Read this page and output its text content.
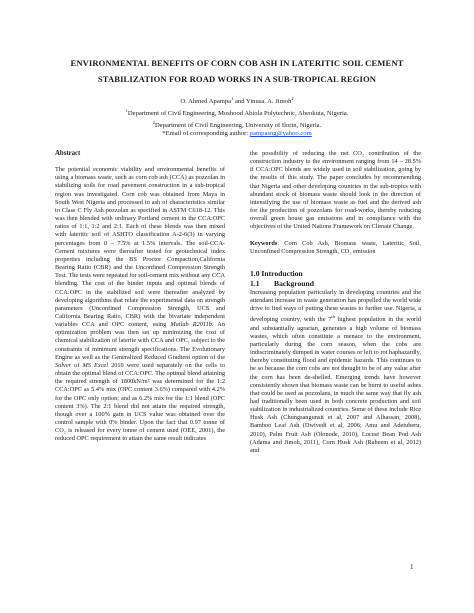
ENVIRONMENTAL BENEFITS OF CORN COB ASH IN LATERITIC SOIL CEMENT
STABILIZATION FOR ROAD WORKS IN A SUB-TROPICAL REGION
O. Ahmed Apampa$^1$ and Yinusa. A. Jimoh$^2$
$^1$Department of Civil Engineering, Moshood Abiola Polytechnic, Abeokuta, Nigeria.
$^2$Department of Civil Engineering, University of Ilorin, Nigeria.
*Email of corresponding author: pampasng@yahoo.com
Abstract

The potential economic viability and environmental benefits of using a biomass waste, such as corn cob ash (CCA) as pozzolan in stabilizing soils for road pavement construction in a sub-tropical region was investigated. Corn cob was obtained from Maya in South West Nigeria and processed to ash of characteristics similar to Class C Fly Ash pozzolan as specified in ASTM C618-12. This was then blended with ordinary Portland cement in the CCA:OPC ratios of 1:1, 1:2 and 2:1. Each of these blends was then mixed with lateritic soil of ASHTO classification A-2-6(3) in varying percentages from 0 – 7.5% at 1.5% intervals. The soil-CCA-Cement mixtures were thereafter tested for geotechnical index properties including the BS Proctor Compaction,California Bearing Ratio (CBR) and the Unconfined Compression Strength Test. The tests were repeated for soil-cement mix without any CCA blending. The cost of the binder inputs and optimal blends of CCA:OPC in the stabilized soil were thereafter analyzed by developing algorithms that relate the experimental data on strength parameters (Unconfined Compression Strength, UCS and California Bearing Ratio, CBR) with the bivariate independent variables CCA and OPC content, using Matlab R2011b. An optimization problem was then set up minimizing the cost of chemical stabilization of laterite with CCA and OPC, subject to the constraints of minimum strength specifications. The Evolutionary Engine as well as the Generalized Reduced Gradient option of the Solver of MS Excel 2010 were used separately on the cells to obtain the optimal blend of CCA:OPC. The optimal blend attaining the required strength of 1800kN/m² was determined for the 1:2 CCA:OPC as 5.4% mix (OPC content 3.6%) compared with 4.2% for the OPC only option; and as 6.2% mix for the 1:1 blend (OPC content 3%). The 2:1 blend did not attain the required strength, though over a 100% gain in UCS value was obtained over the control sample with 0% binder. Upon the fact that 0.97 tonne of CO₂ is released for every tonne of cement used (OEE, 2001), the reduced OPC requirement to attain the same result indicates

the possibility of reducing the net CO₂ contribution of the construction industry to the environment ranging from 14 – 28.5% if CCA:OPC blends are widely used in soil stabilization, going by the results of this study. The paper concludes by recommending that Nigeria and other developing countries in the sub-tropics with abundant stock of biomass waste should look in the direction of intensifying the use of biomass waste as fuel and the derived ash for the production of pozzolans for road-works, thereby reducing overall green house gas emissions and in compliance with the objectives of the United Nations Framework on Climate Change.

Keywords: Corn Cob Ash, Biomass waste, Lateritic Soil, Unconfined Compression Strength, CO₂ emission

1.0 Introduction
1.1 Background

Increasing population particularly in developing countries and the attendant increase in waste generation has propelled the world wide drive to find ways of putting these wastes to further use. Nigeria, a developing country, with the 7th highest population in the world and substantially agrarian, generates a high volume of biomass wastes, which often constitute a menace to the environment, particularly during the corn season, when the cobs are indiscriminately dumped in water courses or left to rot haphazardly, thereby constituting flood and epidemic hazards. This continues to be so because the corn cobs are not thought to be of any value after the corn has been de-shelled. Emerging trends have however consistently shown that biomass waste can be burnt to useful ashes that could be used as pozzolans, in much the same way that fly ash had traditionally been used in both concrete production and soil stabilization in industrialized countries. Some of these include Rice Husk Ash (Chungsangunsit et al, 2007 and Alhassan, 2008), Bamboo Leaf Ash (Dwivedi et al, 2006; Amu and Adetuberu, 2010), Palm Fruit Ash (Olonode, 2010), Locust Bean Pod Ash (Adama and Jimoh, 2011), Corn Husk Ash (Raheem et al, 2012) and

1
